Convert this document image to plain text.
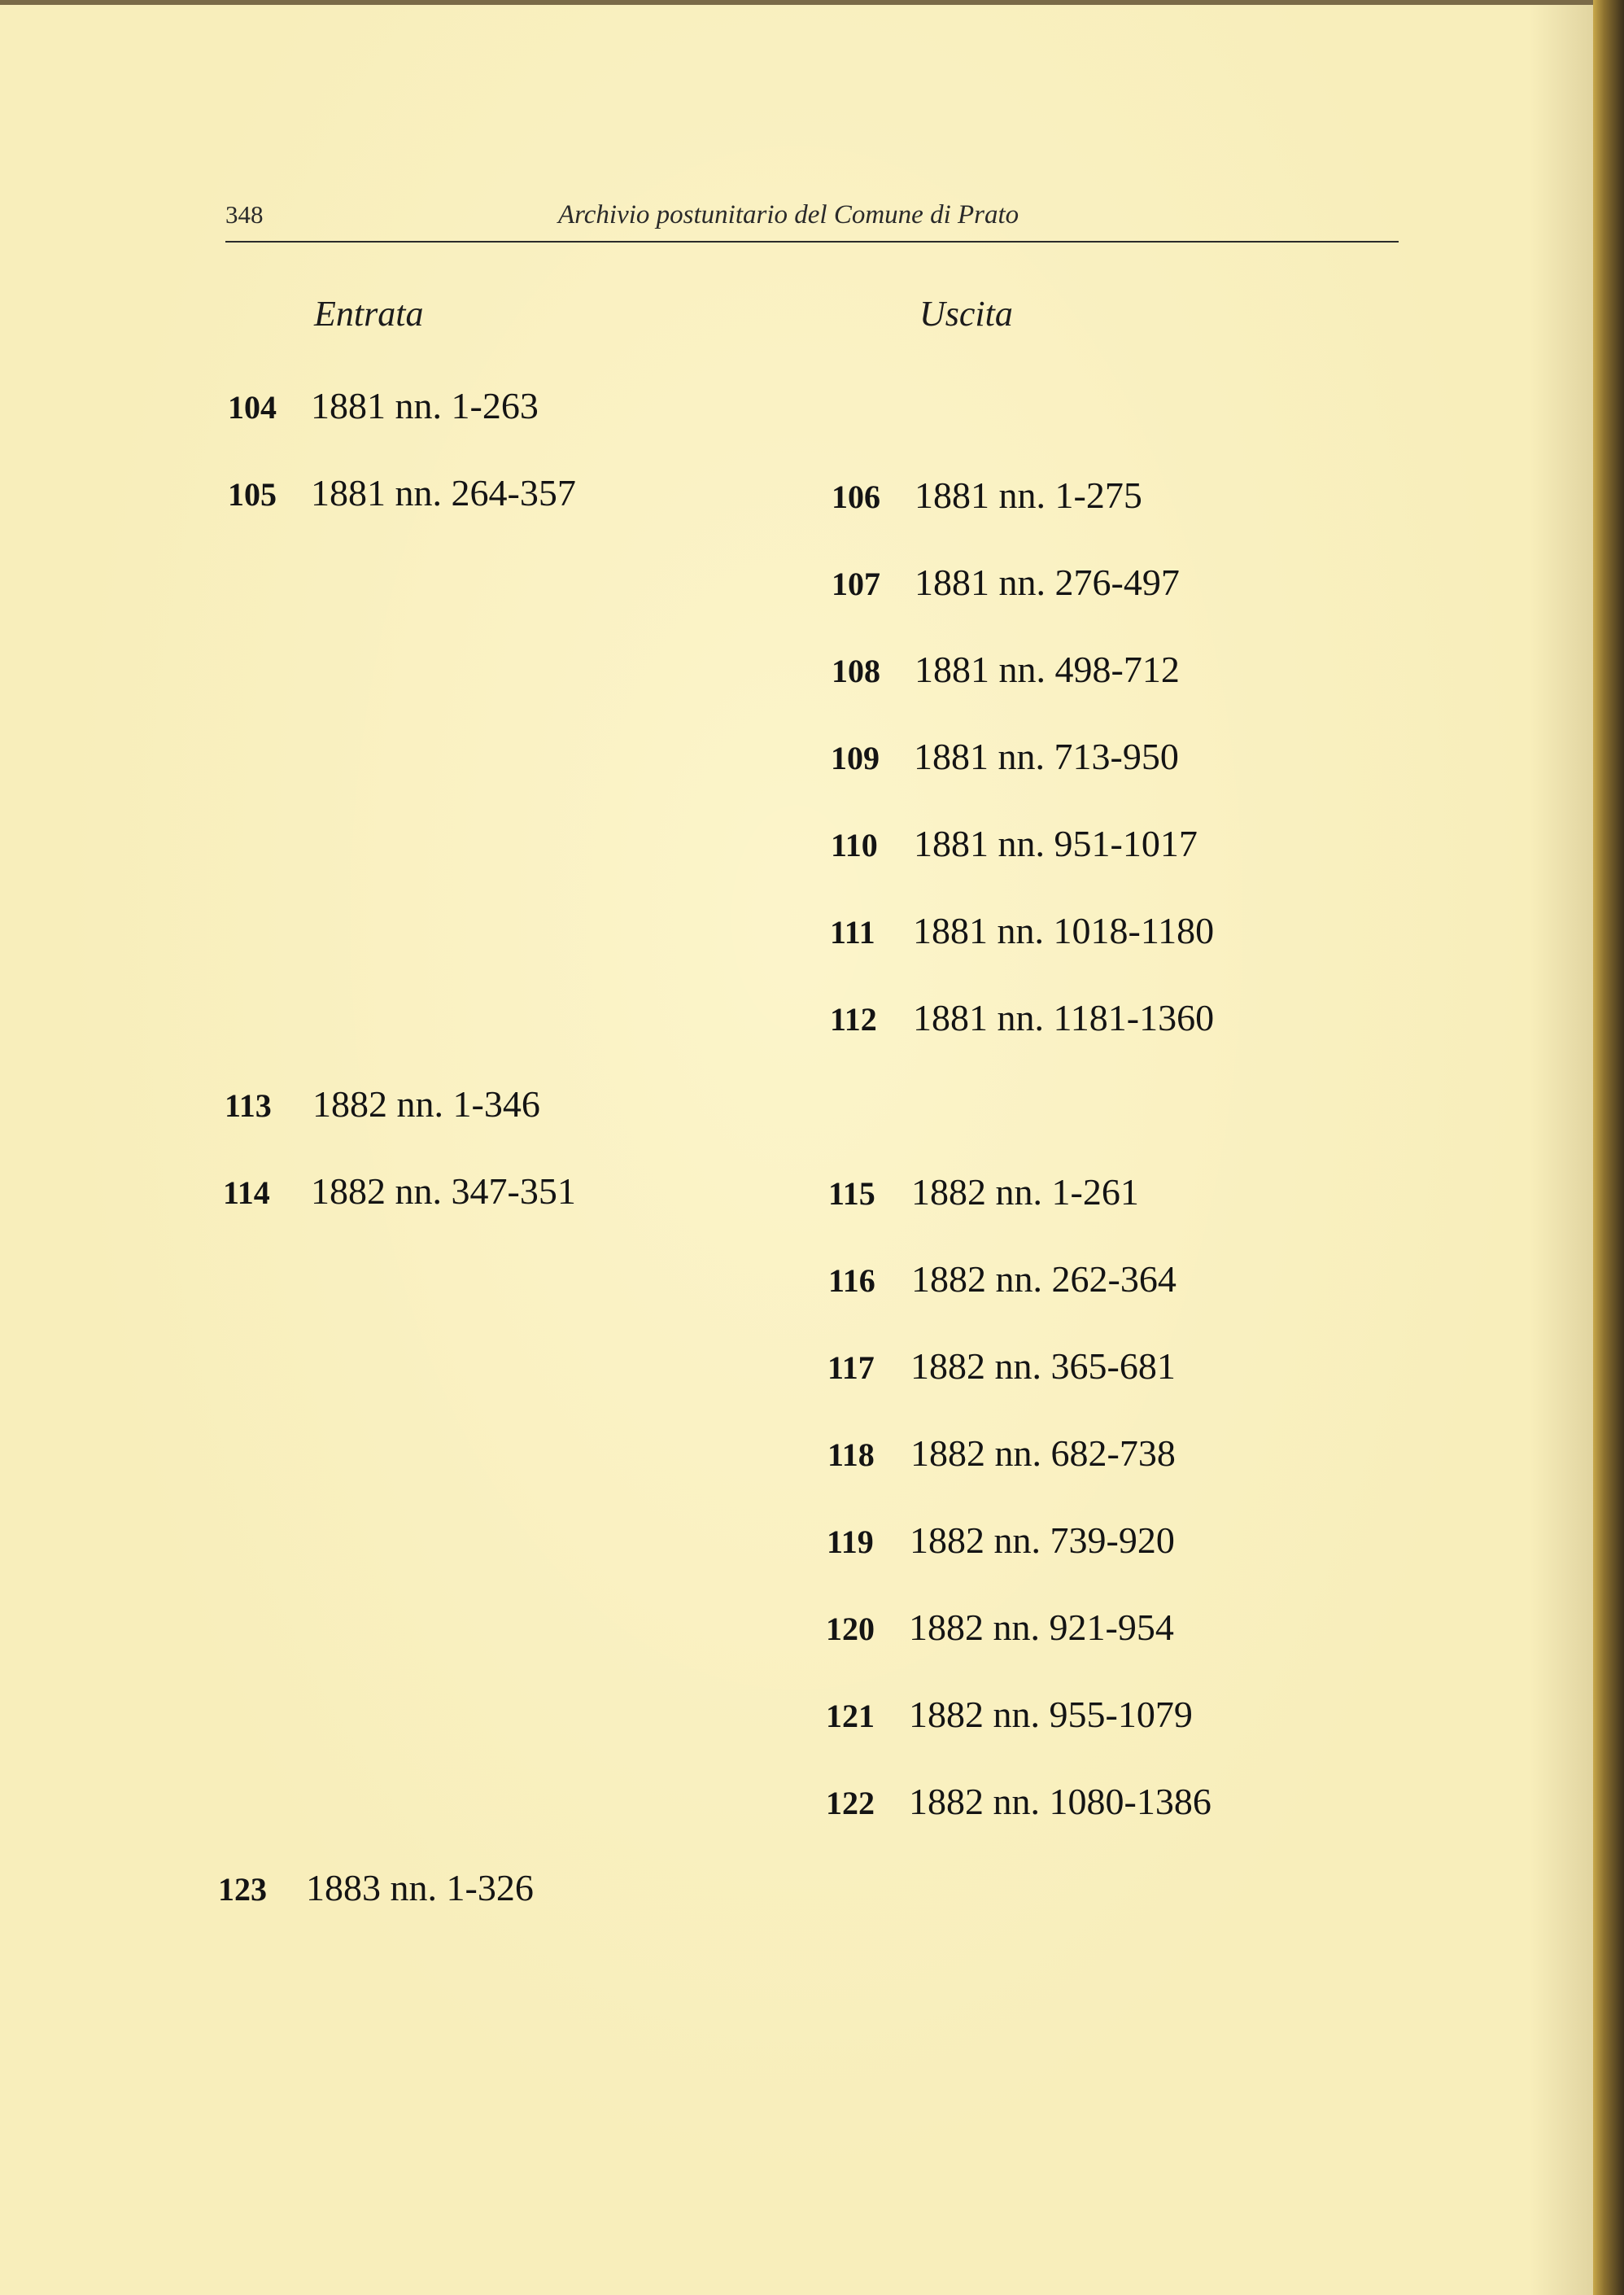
348	Archivio postunitario del Comune di Prato
Entrata	Uscita
104 1881 nn. 1-263
105 1881 nn. 264-357
113 1882 nn. 1-346
114 1882 nn. 347-351
123 1883 nn. 1-326
106 1881 nn. 1-275
107 1881 nn. 276-497
108 1881 nn. 498-712
109 1881 nn. 713-950
110 1881 nn. 951-1017
111 1881 nn. 1018-1180
112 1881 nn. 1181-1360
115 1882 nn. 1-261
116 1882 nn. 262-364
117 1882 nn. 365-681
118 1882 nn. 682-738
119 1882 nn. 739-920
120 1882 nn. 921-954
121 1882 nn. 955-1079
122 1882 nn. 1080-1386
